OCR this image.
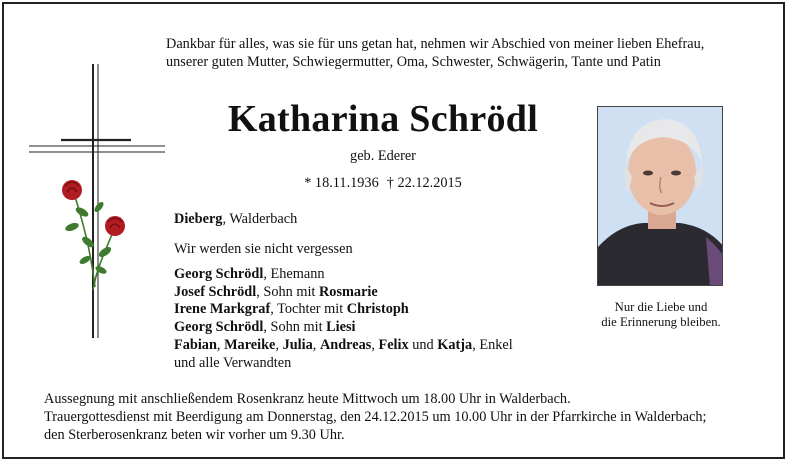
Dankbar für alles, was sie für uns getan hat, nehmen wir Abschied von meiner lieben Ehefrau,
unserer guten Mutter, Schwiegermutter, Oma, Schwester, Schwägerin, Tante und Patin
Katharina Schrödl
geb. Ederer
* 18.11.1936 † 22.12.2015
Dieberg, Walderbach
Wir werden sie nicht vergessen
Georg Schrödl, Ehemann
Josef Schrödl, Sohn mit Rosmarie
Irene Markgraf, Tochter mit Christoph
Georg Schrödl, Sohn mit Liesi
Fabian, Mareike, Julia, Andreas, Felix und Katja, Enkel
und alle Verwandten
Nur die Liebe und
die Erinnerung bleiben.
Aussegnung mit anschließendem Rosenkranz heute Mittwoch um 18.00 Uhr in Walderbach.
Trauergottesdienst mit Beerdigung am Donnerstag, den 24.12.2015 um 10.00 Uhr in der Pfarrkirche in Walderbach;
den Sterberosenkranz beten wir vorher um 9.30 Uhr.
